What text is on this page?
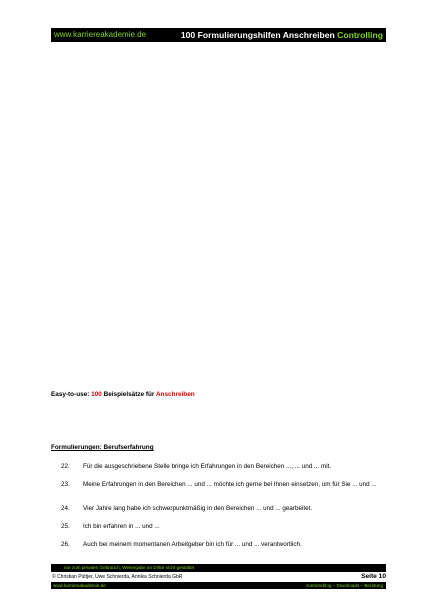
www.karriereakademie.de	100 Formulierungshilfen Anschreiben Controlling
Easy-to-use: 100 Beispielsätze für Anschreiben
Formulierungen: Berufserfahrung
22. Für die ausgeschriebene Stelle bringe ich Erfahrungen in den Bereichen ..., ... und ... mit.
23. Meine Erfahrungen in den Bereichen ... und ... möchte ich gerne bei Ihnen einsetzen, um für Sie ... und ...
24. Vier Jahre lang habe ich schwerpunktmäßig in den Bereichen ... und ... gearbeitet.
25. Ich bin erfahren in ... und ...
26. Auch bei meinem momentanen Arbeitgeber bin ich für ... und ... verantwortlich.
nur zum privaten Gebrauch, Weitergabe an Dritte nicht gestattet
© Christian Püttjer, Uwe Schnierda, Annika Schnierda GbR	Seite 10
www.karriereakademie.de	Karriereblog – Downloads – Beratung
